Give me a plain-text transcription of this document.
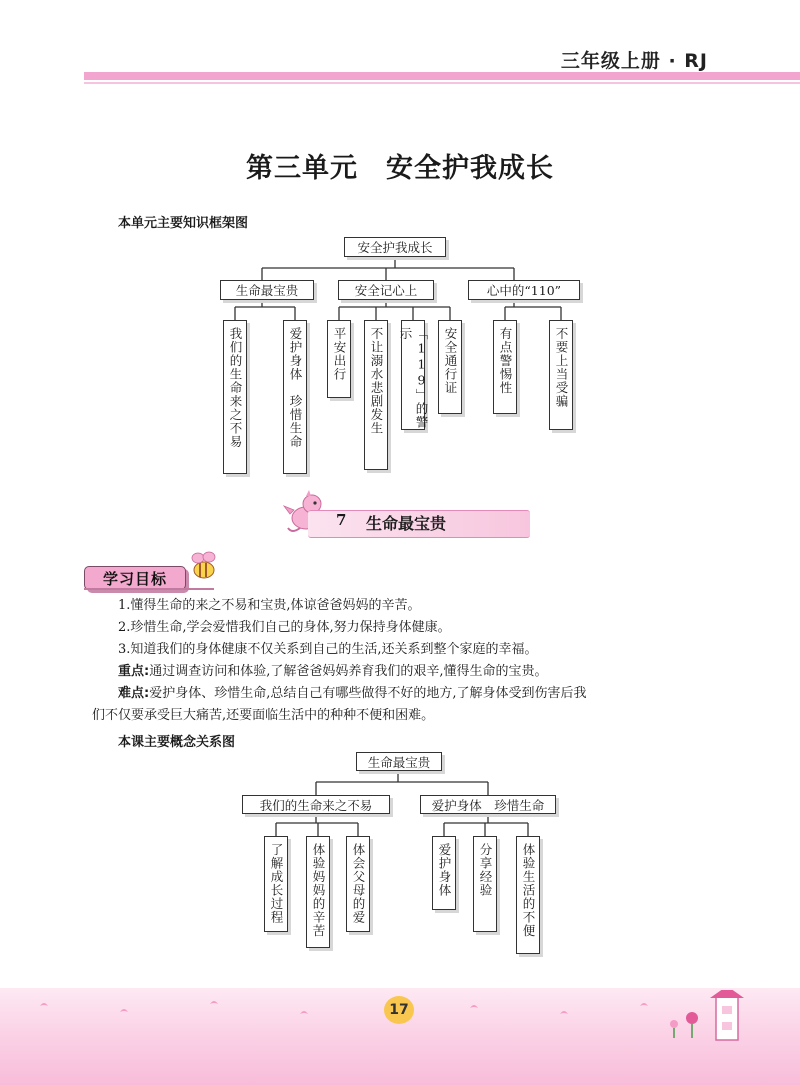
三年级上册 · RJ
第三单元　安全护我成长
本单元主要知识框架图
安全护我成长
生命最宝贵	安全记心上	心中的“110”
我们的生命来之不易	爱护身体　珍惜生命	平安出行	不让溺水悲剧发生	「119」的警示	安全通行证	有点警惕性	不要上当受骗
7 生命最宝贵
学习目标
1.懂得生命的来之不易和宝贵,体谅爸爸妈妈的辛苦。
2.珍惜生命,学会爱惜我们自己的身体,努力保持身体健康。
3.知道我们的身体健康不仅关系到自己的生活,还关系到整个家庭的幸福。
重点:通过调查访问和体验,了解爸爸妈妈养育我们的艰辛,懂得生命的宝贵。
难点:爱护身体、珍惜生命,总结自己有哪些做得不好的地方,了解身体受到伤害后我
们不仅要承受巨大痛苦,还要面临生活中的种种不便和困难。
本课主要概念关系图
生命最宝贵
我们的生命来之不易	爱护身体　珍惜生命
了解成长过程	体验妈妈的辛苦	体会父母的爱	爱护身体	分享经验	体验生活的不便
17
